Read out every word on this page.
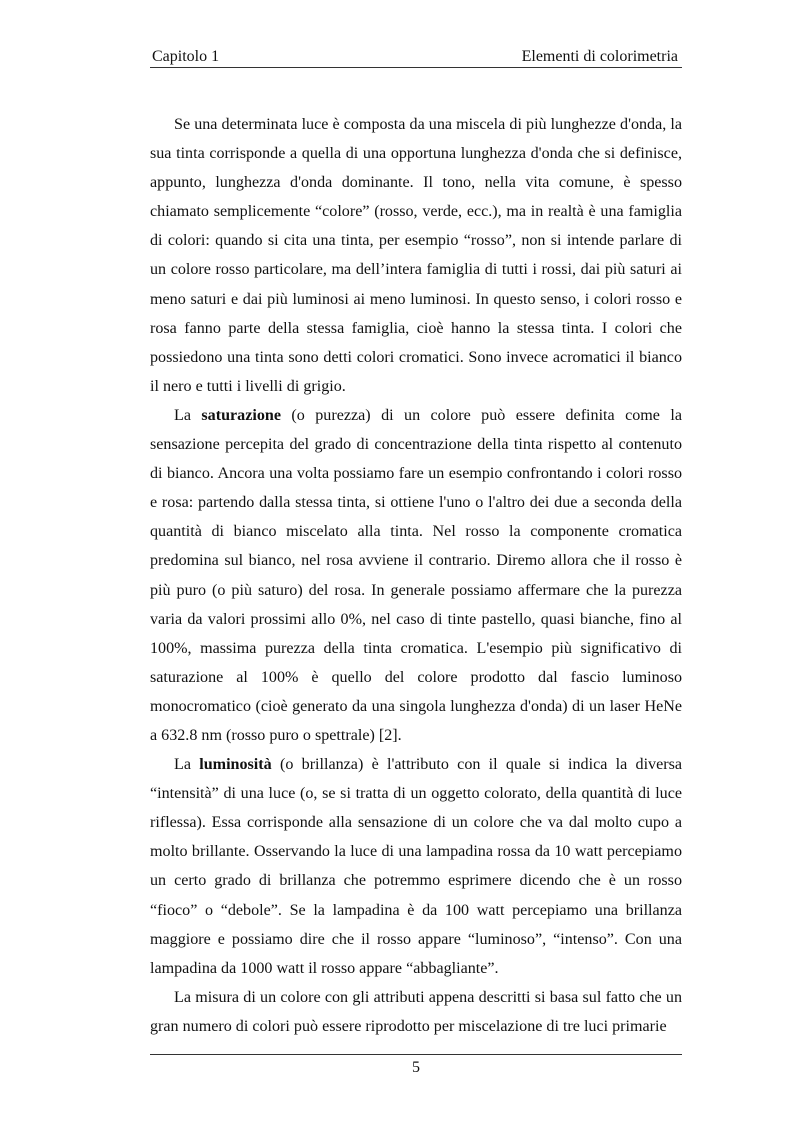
Capitolo 1	Elementi di colorimetria

Se una determinata luce è composta da una miscela di più lunghezze d'onda, la sua tinta corrisponde a quella di una opportuna lunghezza d'onda che si definisce, appunto, lunghezza d'onda dominante. Il tono, nella vita comune, è spesso chiamato semplicemente “colore” (rosso, verde, ecc.), ma in realtà è una famiglia di colori: quando si cita una tinta, per esempio “rosso”, non si intende parlare di un colore rosso particolare, ma dell’intera famiglia di tutti i rossi, dai più saturi ai meno saturi e dai più luminosi ai meno luminosi. In questo senso, i colori rosso e rosa fanno parte della stessa famiglia, cioè hanno la stessa tinta. I colori che possiedono una tinta sono detti colori cromatici. Sono invece acromatici il bianco il nero e tutti i livelli di grigio.

La saturazione (o purezza) di un colore può essere definita come la sensazione percepita del grado di concentrazione della tinta rispetto al contenuto di bianco. Ancora una volta possiamo fare un esempio confrontando i colori rosso e rosa: partendo dalla stessa tinta, si ottiene l'uno o l'altro dei due a seconda della quantità di bianco miscelato alla tinta. Nel rosso la componente cromatica predomina sul bianco, nel rosa avviene il contrario. Diremo allora che il rosso è più puro (o più saturo) del rosa. In generale possiamo affermare che la purezza varia da valori prossimi allo 0%, nel caso di tinte pastello, quasi bianche, fino al 100%, massima purezza della tinta cromatica. L'esempio più significativo di saturazione al 100% è quello del colore prodotto dal fascio luminoso monocromatico (cioè generato da una singola lunghezza d'onda) di un laser HeNe a 632.8 nm (rosso puro o spettrale) [2].

La luminosità (o brillanza) è l'attributo con il quale si indica la diversa “intensità” di una luce (o, se si tratta di un oggetto colorato, della quantità di luce riflessa). Essa corrisponde alla sensazione di un colore che va dal molto cupo a molto brillante. Osservando la luce di una lampadina rossa da 10 watt percepiamo un certo grado di brillanza che potremmo esprimere dicendo che è un rosso “fioco” o “debole”. Se la lampadina è da 100 watt percepiamo una brillanza maggiore e possiamo dire che il rosso appare “luminoso”, “intenso”. Con una lampadina da 1000 watt il rosso appare “abbagliante”.

La misura di un colore con gli attributi appena descritti si basa sul fatto che un gran numero di colori può essere riprodotto per miscelazione di tre luci primarie

5
